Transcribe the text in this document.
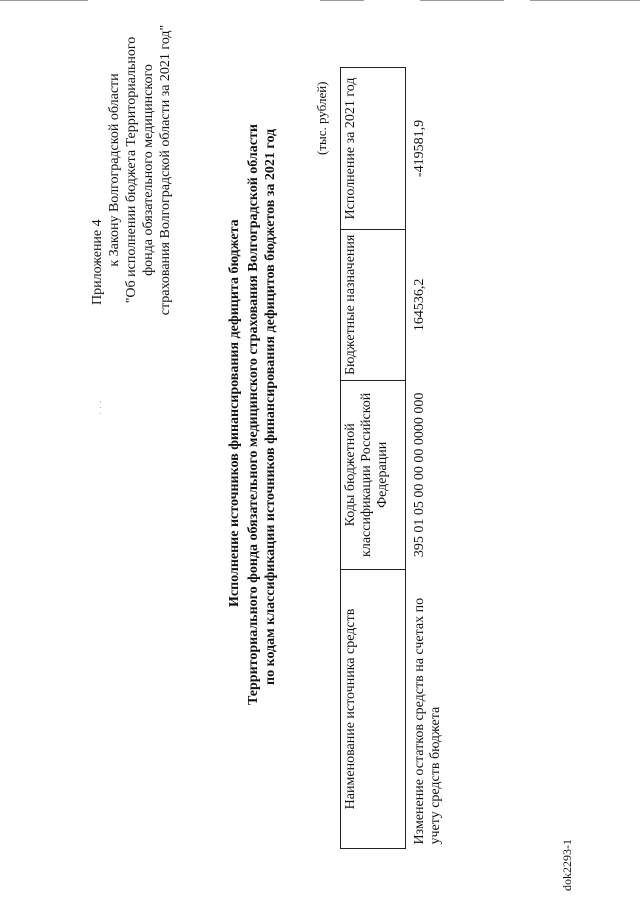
Приложение 4 к Закону Волгоградской области "Об исполнении бюджета Территориального фонда обязательного медицинского страхования Волгоградской области за 2021 год"
· · ·	Исполнение источников финансирования дефицита бюджета Территориального фонда обязательного медицинского страхования Волгоградской области по кодам классификации источников финансирования дефицитов бюджетов за 2021 год
(тыс. рублей)
Наименование источника средств	Коды бюджетной классификации Российской Федерации	Бюджетные назначения	Исполнение за 2021 год
Изменение остатков средств на счетах по учету средств бюджета	395 01 05 00 00 00 0000 000	164536,2	-419581,9
dok2293-1
